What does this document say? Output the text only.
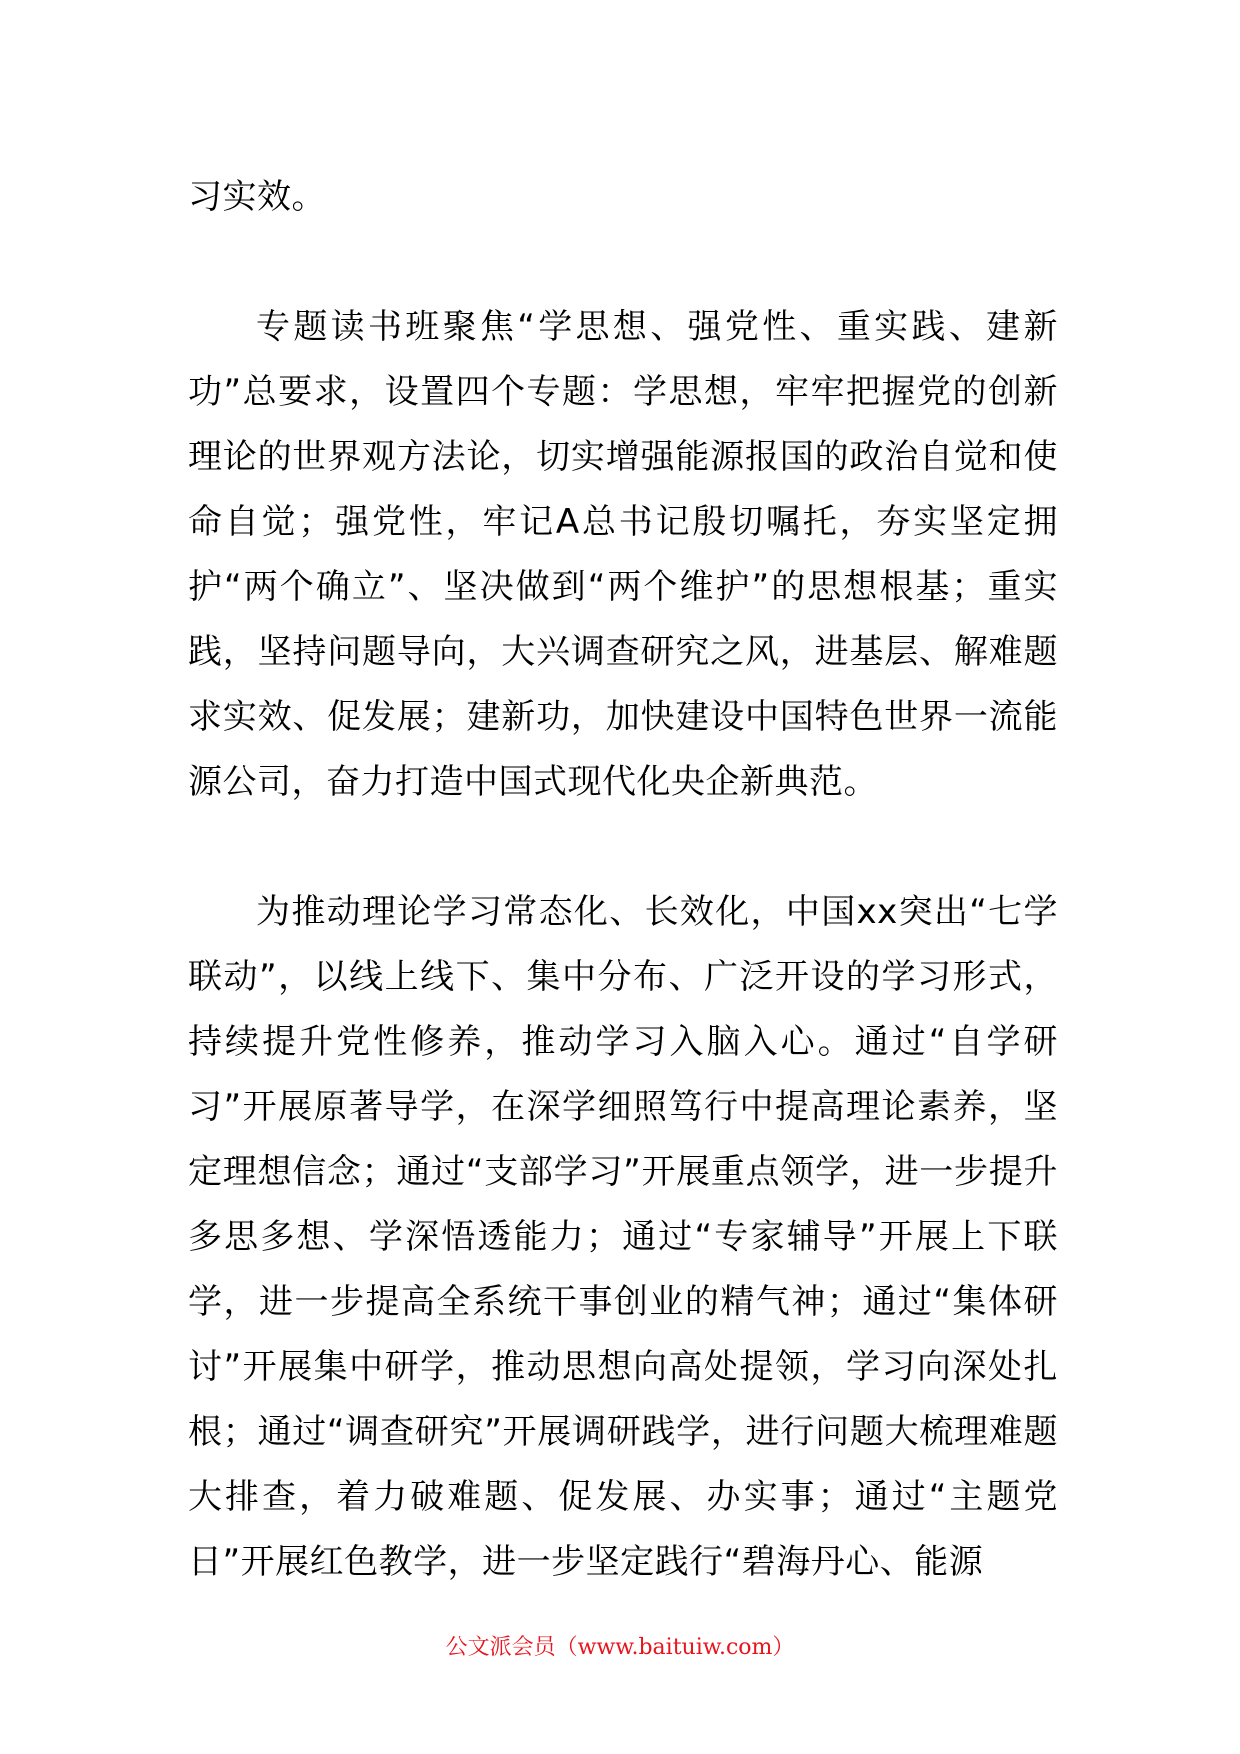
习实效。

专题读书班聚焦“学思想、强党性、重实践、建新功”总要求，设置四个专题：学思想，牢牢把握党的创新理论的世界观方法论，切实增强能源报国的政治自觉和使命自觉；强党性，牢记A总书记殷切嘱托，夯实坚定拥护“两个确立”、坚决做到“两个维护”的思想根基；重实践，坚持问题导向，大兴调查研究之风，进基层、解难题求实效、促发展；建新功，加快建设中国特色世界一流能源公司，奋力打造中国式现代化央企新典范。

为推动理论学习常态化、长效化，中国xx突出“七学联动”，以线上线下、集中分布、广泛开设的学习形式，持续提升党性修养，推动学习入脑入心。通过“自学研习”开展原著导学，在深学细照笃行中提高理论素养，坚定理想信念；通过“支部学习”开展重点领学，进一步提升多思多想、学深悟透能力；通过“专家辅导”开展上下联学，进一步提高全系统干事创业的精气神；通过“集体研讨”开展集中研学，推动思想向高处提领，学习向深处扎根；通过“调查研究”开展调研践学，进行问题大梳理难题大排查，着力破难题、促发展、办实事；通过“主题党日”开展红色教学，进一步坚定践行“碧海丹心、能源

公文派会员（www.baituiw.com）
